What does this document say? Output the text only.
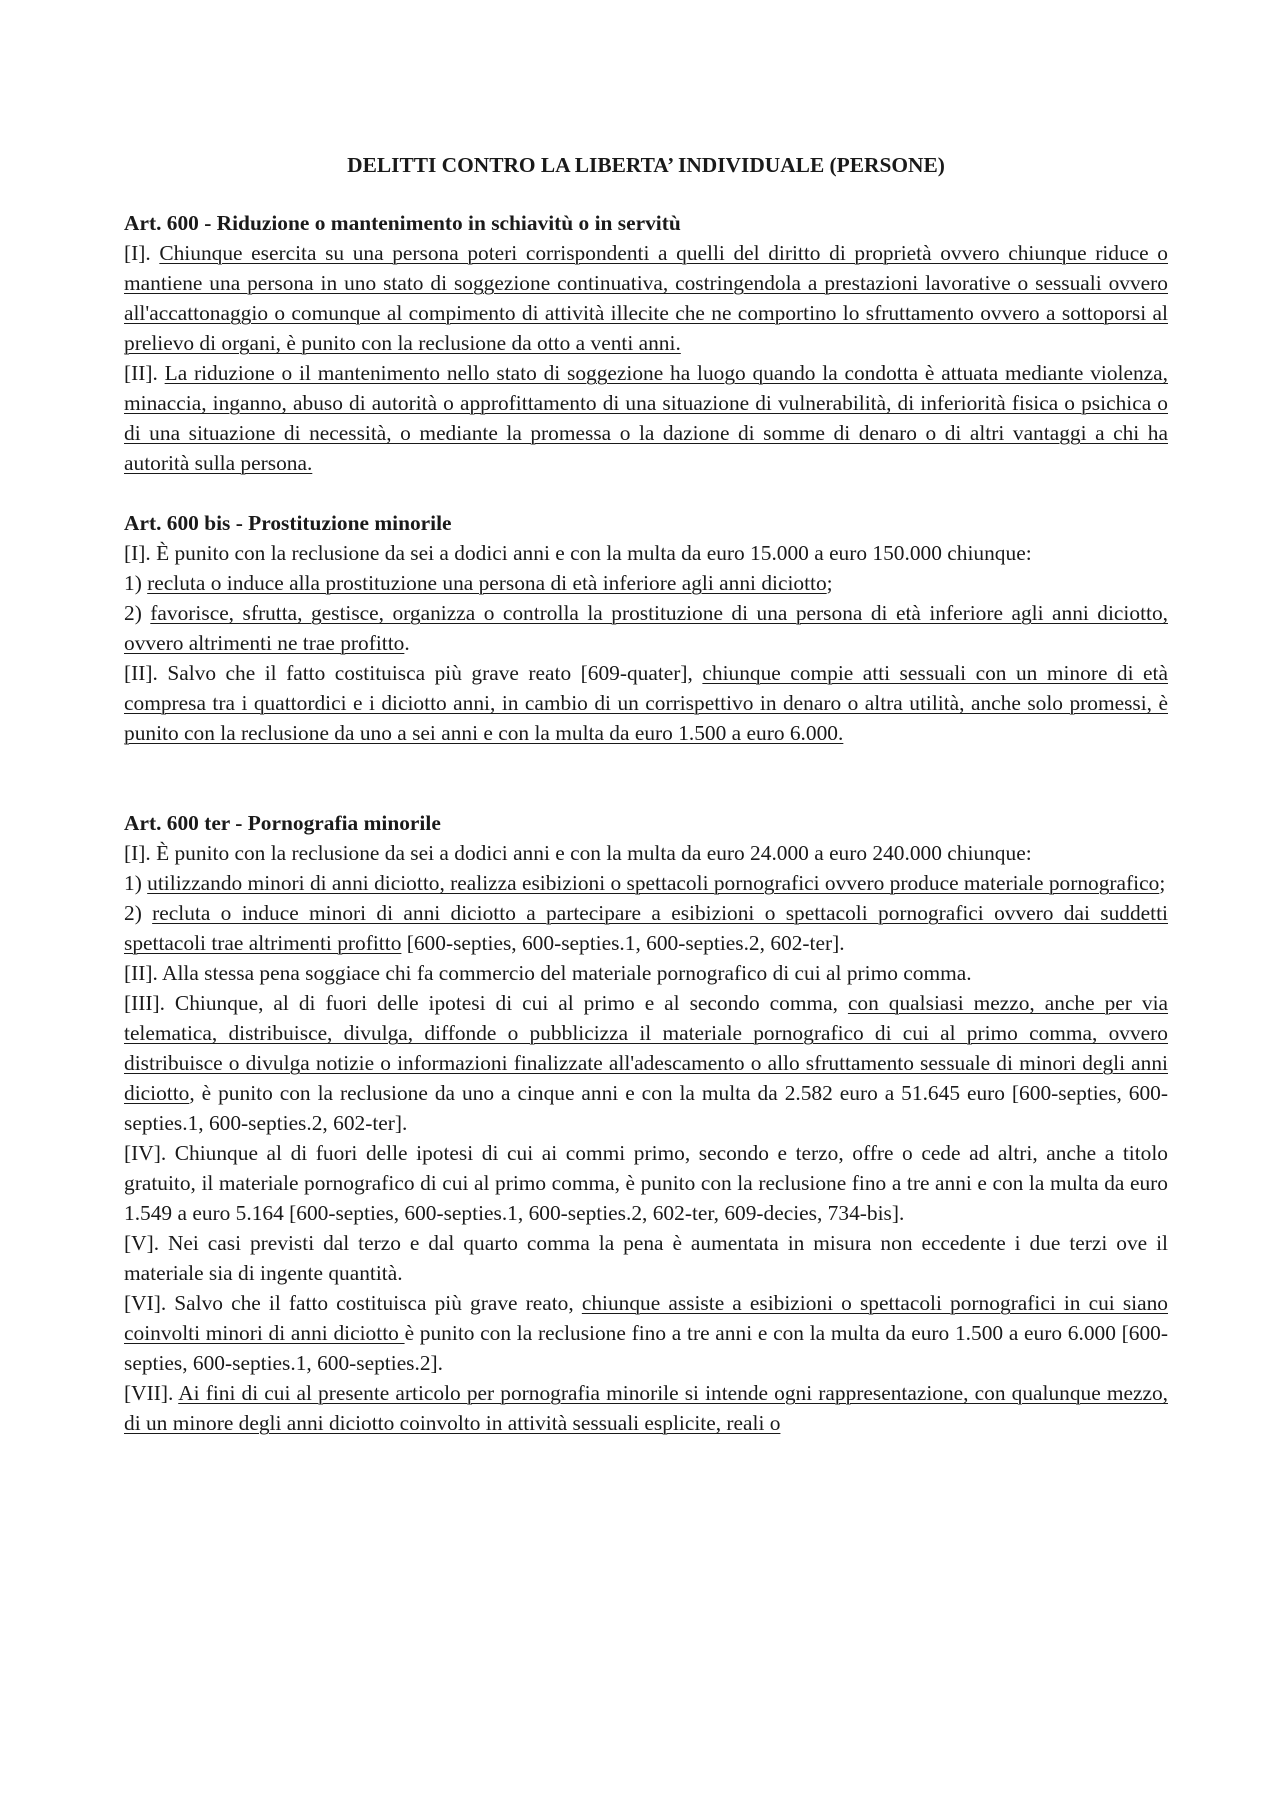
DELITTI CONTRO LA LIBERTA’ INDIVIDUALE (PERSONE)

Art. 600 - Riduzione o mantenimento in schiavitù o in servitù

[I]. Chiunque esercita su una persona poteri corrispondenti a quelli del diritto di proprietà ovvero chiunque riduce o mantiene una persona in uno stato di soggezione continuativa, costringendola a prestazioni lavorative o sessuali ovvero all'accattonaggio o comunque al compimento di attività illecite che ne comportino lo sfruttamento ovvero a sottoporsi al prelievo di organi, è punito con la reclusione da otto a venti anni.

[II]. La riduzione o il mantenimento nello stato di soggezione ha luogo quando la condotta è attuata mediante violenza, minaccia, inganno, abuso di autorità o approfittamento di una situazione di vulnerabilità, di inferiorità fisica o psichica o di una situazione di necessità, o mediante la promessa o la dazione di somme di denaro o di altri vantaggi a chi ha autorità sulla persona.

Art. 600 bis - Prostituzione minorile

[I]. È punito con la reclusione da sei a dodici anni e con la multa da euro 15.000 a euro 150.000 chiunque:

1) recluta o induce alla prostituzione una persona di età inferiore agli anni diciotto;

2) favorisce, sfrutta, gestisce, organizza o controlla la prostituzione di una persona di età inferiore agli anni diciotto, ovvero altrimenti ne trae profitto.

[II]. Salvo che il fatto costituisca più grave reato [609-quater], chiunque compie atti sessuali con un minore di età compresa tra i quattordici e i diciotto anni, in cambio di un corrispettivo in denaro o altra utilità, anche solo promessi, è punito con la reclusione da uno a sei anni e con la multa da euro 1.500 a euro 6.000.

Art. 600 ter - Pornografia minorile

[I]. È punito con la reclusione da sei a dodici anni e con la multa da euro 24.000 a euro 240.000 chiunque:

1) utilizzando minori di anni diciotto, realizza esibizioni o spettacoli pornografici ovvero produce materiale pornografico;

2) recluta o induce minori di anni diciotto a partecipare a esibizioni o spettacoli pornografici ovvero dai suddetti spettacoli trae altrimenti profitto [600-septies, 600-septies.1, 600-septies.2, 602-ter].

[II]. Alla stessa pena soggiace chi fa commercio del materiale pornografico di cui al primo comma.

[III]. Chiunque, al di fuori delle ipotesi di cui al primo e al secondo comma, con qualsiasi mezzo, anche per via telematica, distribuisce, divulga, diffonde o pubblicizza il materiale pornografico di cui al primo comma, ovvero distribuisce o divulga notizie o informazioni finalizzate all'adescamento o allo sfruttamento sessuale di minori degli anni diciotto, è punito con la reclusione da uno a cinque anni e con la multa da 2.582 euro a 51.645 euro [600-septies, 600-septies.1, 600-septies.2, 602-ter].

[IV]. Chiunque al di fuori delle ipotesi di cui ai commi primo, secondo e terzo, offre o cede ad altri, anche a titolo gratuito, il materiale pornografico di cui al primo comma, è punito con la reclusione fino a tre anni e con la multa da euro 1.549 a euro 5.164 [600-septies, 600-septies.1, 600-septies.2, 602-ter, 609-decies, 734-bis].

[V]. Nei casi previsti dal terzo e dal quarto comma la pena è aumentata in misura non eccedente i due terzi ove il materiale sia di ingente quantità.

[VI]. Salvo che il fatto costituisca più grave reato, chiunque assiste a esibizioni o spettacoli pornografici in cui siano coinvolti minori di anni diciotto è punito con la reclusione fino a tre anni e con la multa da euro 1.500 a euro 6.000 [600-septies, 600-septies.1, 600-septies.2].

[VII]. Ai fini di cui al presente articolo per pornografia minorile si intende ogni rappresentazione, con qualunque mezzo, di un minore degli anni diciotto coinvolto in attività sessuali esplicite, reali o
